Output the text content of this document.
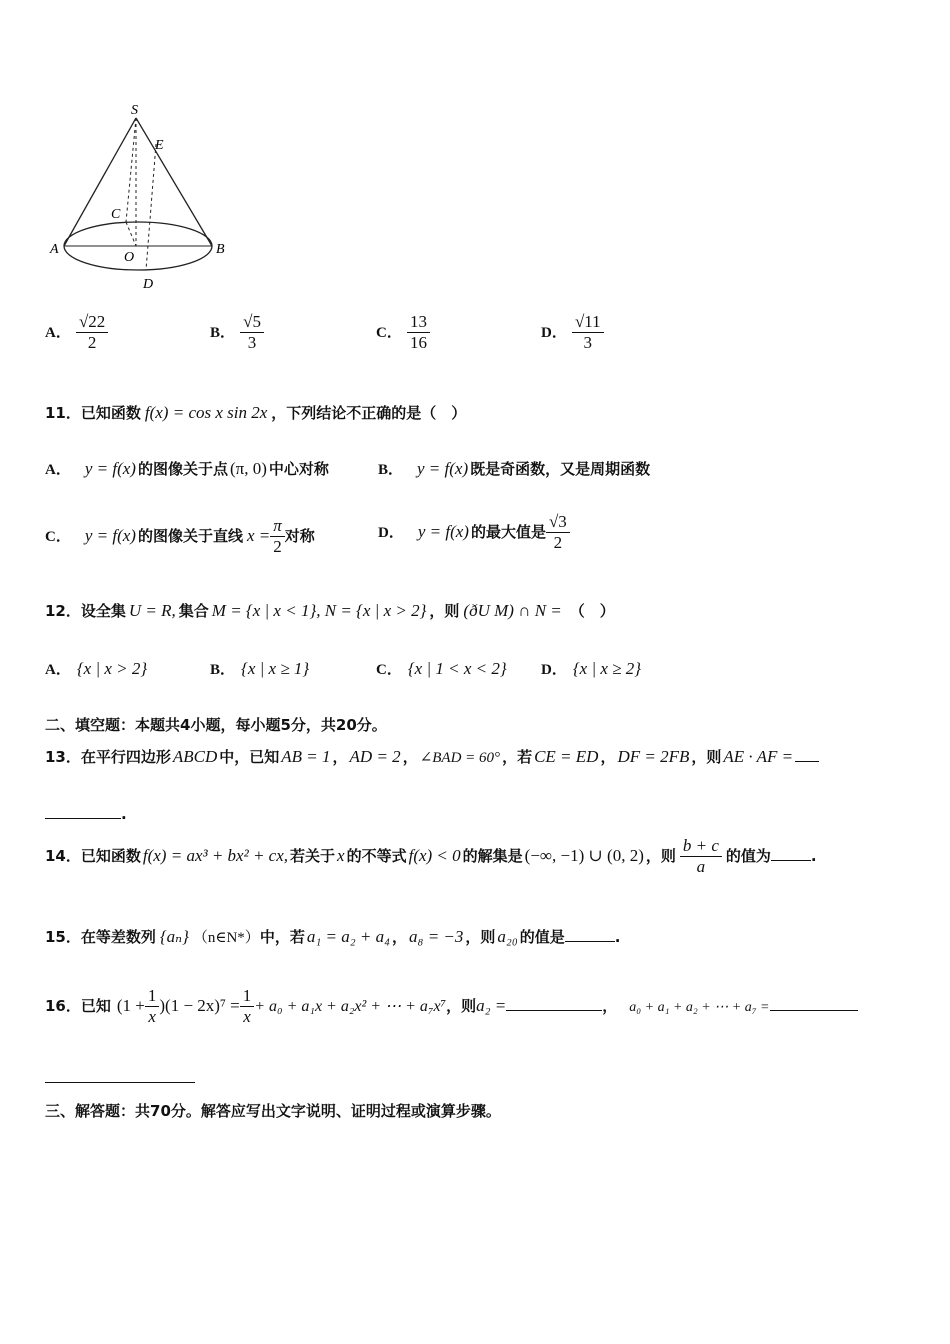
S
E
C
A
O
B
D
A． $\frac{√22}{2}$	B． $\frac{√5}{3}$	C． $\frac{13}{16}$	D． $\frac{√11}{3}$
11．已知函数 f(x) = cos x sin 2x ，下列结论不正确的是（　）
A． y = f(x) 的图像关于点 (π, 0) 中心对称	B． y = f(x) 既是奇函数，又是周期函数
C． y = f(x) 的图像关于直线 $x = \frac{\pi}{2}$ 对称	D． y = f(x) 的最大值是 $\frac{√3}{2}$
12．设全集 U = R, 集合 M = {x | x < 1}, N = {x | x > 2} ，则 (ðU M) ∩ N = （　）
A． {x | x > 2}	B． {x | x ≥ 1}	C． {x | 1 < x < 2} D． {x | x ≥ 2}
二、填空题：本题共4小题，每小题5分，共20分。
13．在平行四边形 ABCD 中，已知 AB = 1 ， AD = 2 ， ∠BAD = 60° ，若 CE = ED ， DF = 2FB ，则 AE · AF =
.
14．已知函数 f(x) = ax³ + bx² + cx, 若关于 x 的不等式 f(x) < 0 的解集是 (−∞, −1) ∪ (0, 2) ，则 $\frac{b + c}{a}$ 的值为	.
15．在等差数列 {aₙ} （n∈N*）中，若 a₁ = a₂ + a₄ ， a₈ = −3 ，则 a₂₀ 的值是	.
16．已知 $(1 + \frac{1}{x} )(1 - 2x)^7 = \frac{1}{x} + a_0 + a_1x + a_2x^2$ + ⋯ + a₇x⁷，则a₂ =	， a₀ + a₁ + a₂ + ⋯ + a₇ =
三、解答题：共70分。解答应写出文字说明、证明过程或演算步骤。
